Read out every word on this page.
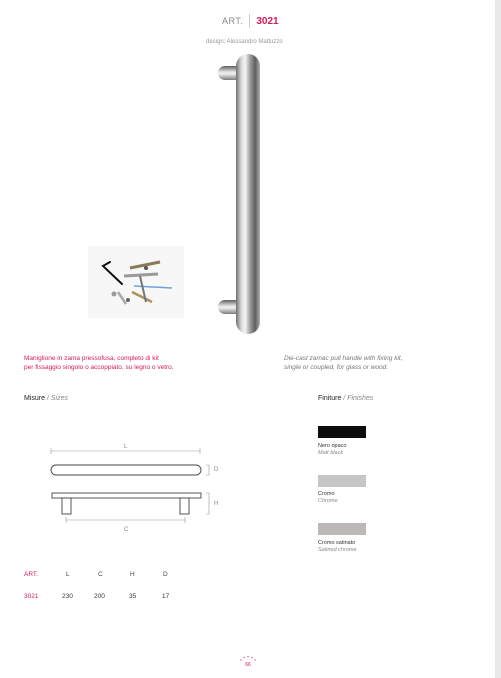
ART. 3021
design: Alessandro Mattuzzo
Maniglione in zama pressofusa, completo di kit
per fissaggio singolo o accoppiato, su legno o vetro.
Die-cast zamac pull handle with fixing kit,
single or coupled, for glass or wood.
Misure / Sizes	Finiture / Finishes
L
D
H
C
Nero opaco
Matt black
Cromo
Chrome
Cromo satinato
Satined chrome
ART.	L	C	H	D
3021	230	200	35	17
66
